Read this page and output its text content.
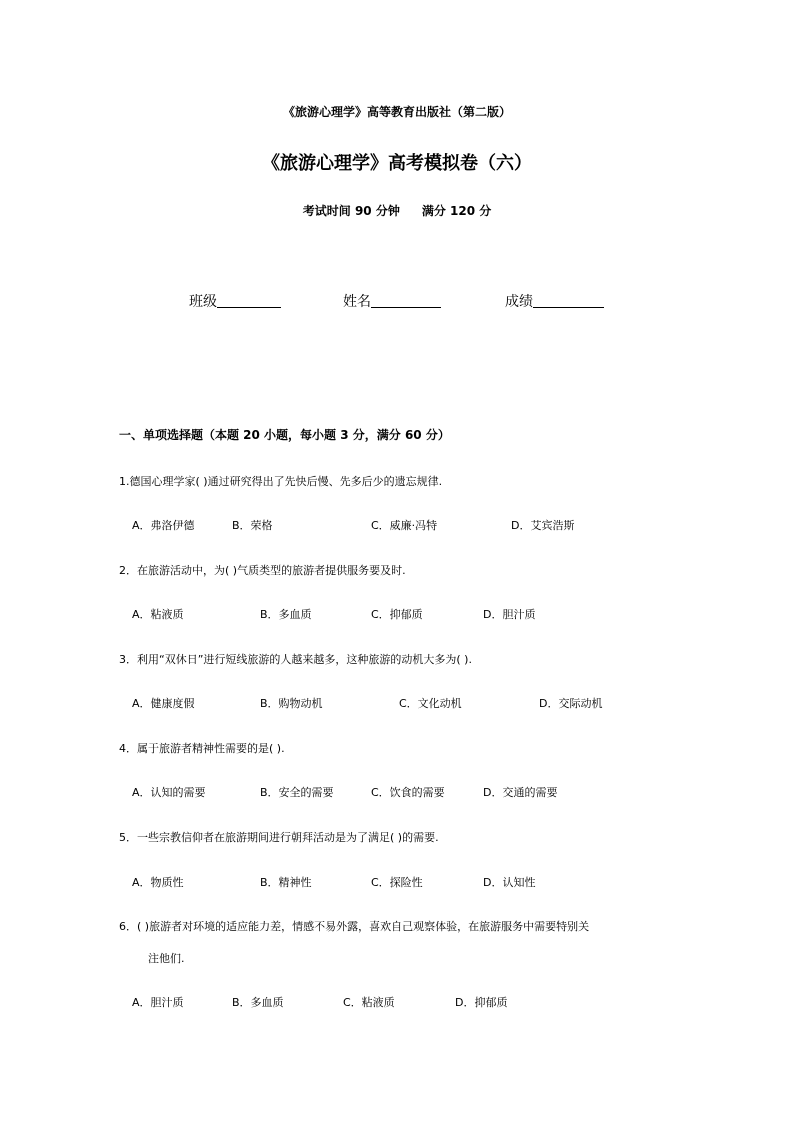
《旅游心理学》高等教育出版社（第二版）
《旅游心理学》高考模拟卷（六）
考试时间 90 分钟 满分 120 分
班级	姓名	成绩
一、单项选择题（本题 20 小题，每小题 3 分，满分 60 分）
1.德国心理学家( )通过研究得出了先快后慢、先多后少的遗忘规律.
A．弗洛伊德	B．荣格	C．威廉·冯特	D．艾宾浩斯
2．在旅游活动中，为( )气质类型的旅游者提供服务要及时.
A．粘液质	B．多血质	C．抑郁质	D．胆汁质
3．利用“双休日”进行短线旅游的人越来越多，这种旅游的动机大多为( ).
A．健康度假	B．购物动机	C．文化动机	D．交际动机
4．属于旅游者精神性需要的是( ).
A．认知的需要	B．安全的需要	C．饮食的需要	D．交通的需要
5．一些宗教信仰者在旅游期间进行朝拜活动是为了满足( )的需要.
A．物质性	B．精神性	C．探险性	D．认知性
6．( )旅游者对环境的适应能力差，情感不易外露，喜欢自己观察体验，在旅游服务中需要特别关
注他们.
A．胆汁质	B．多血质	C．粘液质	D．抑郁质
